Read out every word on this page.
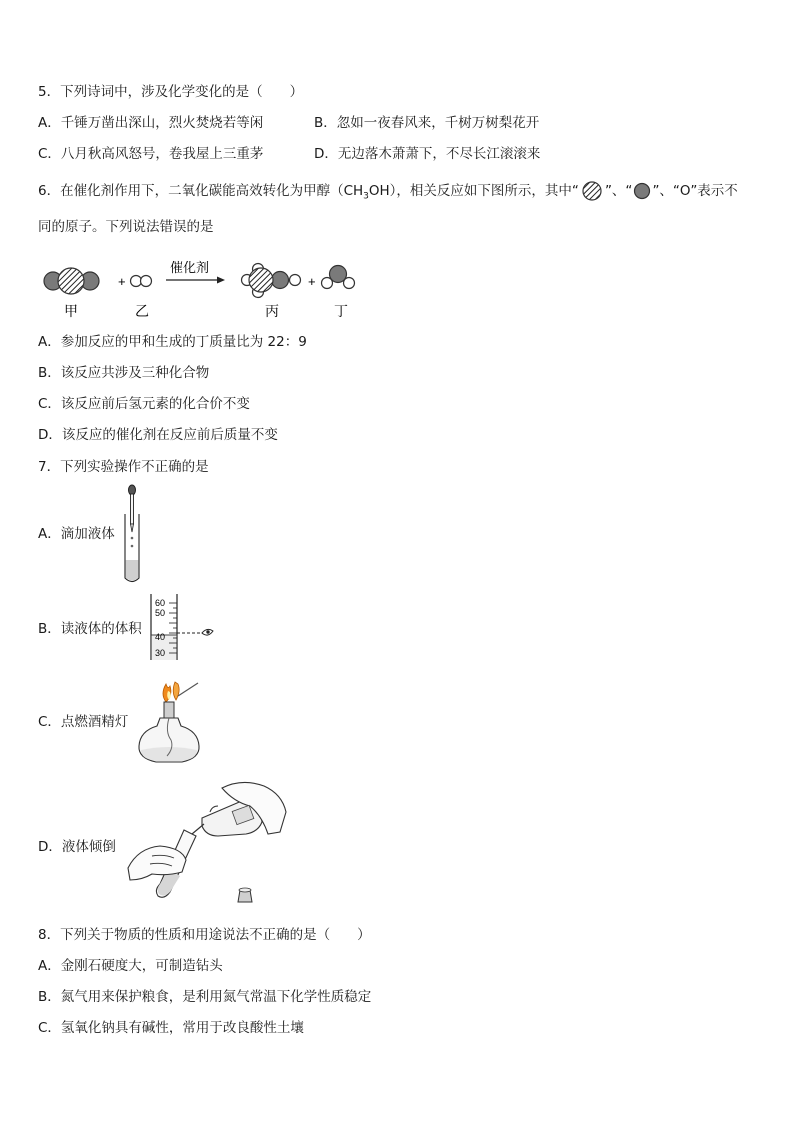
5．下列诗词中，涉及化学变化的是（　　）
A．千锤万凿出深山，烈火焚烧若等闲	B．忽如一夜春风来，千树万树梨花开
C．八月秋高风怒号，卷我屋上三重茅	D．无边落木萧萧下，不尽长江滚滚来
6．在催化剂作用下，二氧化碳能高效转化为甲醇$(CH_3OH)$，相关反应如下图所示，其中“ ”、“ ”、“O”表示不
同的原子。下列说法错误的是
+
催化剂
+
甲	乙	丙	丁
A．参加反应的甲和生成的丁质量比为 22：9
B．该反应共涉及三种化合物
C．该反应前后氢元素的化合价不变
D．该反应的催化剂在反应前后质量不变
7．下列实验操作不正确的是
A．滴加液体
B．读液体的体积
60
50
40
30
C．点燃酒精灯
D．液体倾倒
8．下列关于物质的性质和用途说法不正确的是（　　）
A．金刚石硬度大，可制造钻头
B．氮气用来保护粮食，是利用氮气常温下化学性质稳定
C．氢氧化钠具有碱性，常用于改良酸性土壤
